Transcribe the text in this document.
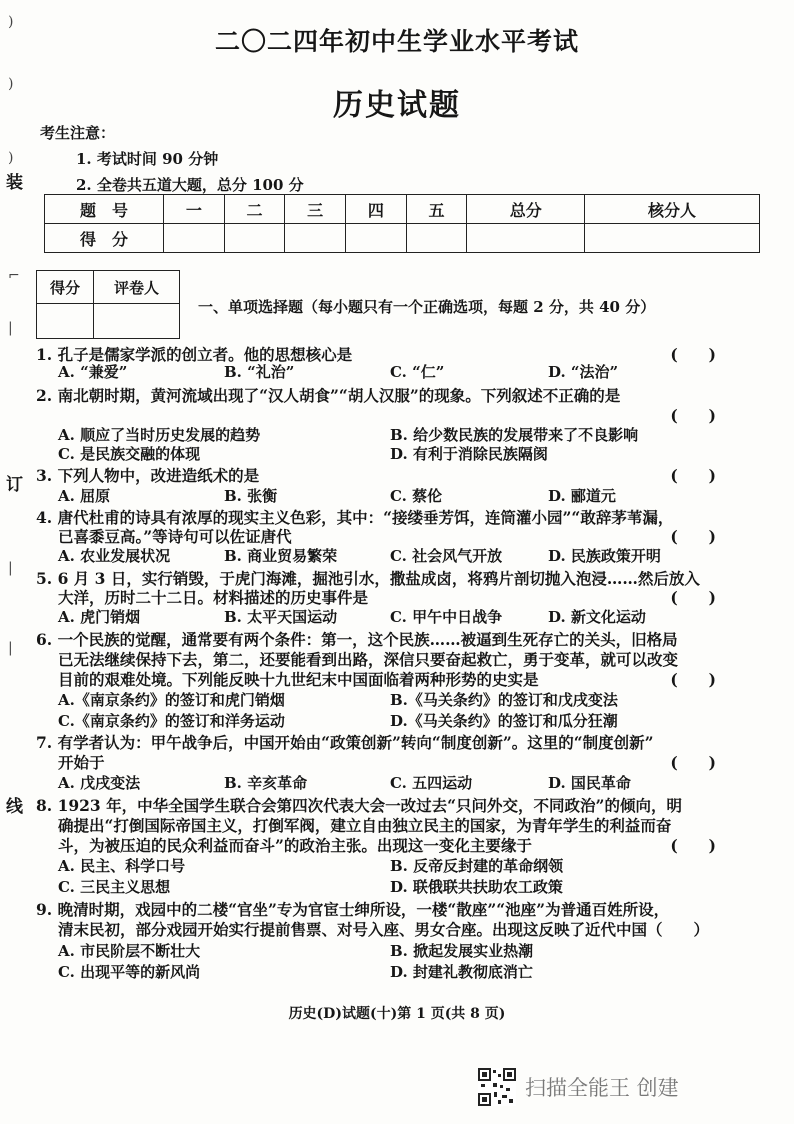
二〇二四年初中生学业水平考试
历史试题
)
)
)
装
⌐
|
订
|
|
线
考生注意：
1. 考试时间 90 分钟
2. 全卷共五道大题，总分 100 分
题　号	一	二	三	四	五	总分	核分人
得　分							
得分	评卷人

一、单项选择题（每小题只有一个正确选项，每题 2 分，共 40 分）
1. 孔子是儒家学派的创立者。他的思想核心是	(　　)
A. “兼爱”	B. “礼治”	C. “仁”	D. “法治”
2. 南北朝时期，黄河流域出现了“汉人胡食”“胡人汉服”的现象。下列叙述不正确的是
(　　)
A. 顺应了当时历史发展的趋势	B. 给少数民族的发展带来了不良影响
C. 是民族交融的体现	D. 有利于消除民族隔阂
3. 下列人物中，改进造纸术的是	(　　)
A. 屈原	B. 张衡	C. 蔡伦	D. 郦道元
4. 唐代杜甫的诗具有浓厚的现实主义色彩，其中：“接缕垂芳饵，连筒灌小园”“敢辞茅苇漏，
已喜黍豆高。”等诗句可以佐证唐代	(　　)
A. 农业发展状况	B. 商业贸易繁荣	C. 社会风气开放	D. 民族政策开明
5. 6 月 3 日，实行销毁，于虎门海滩，掘池引水，撒盐成卤，将鸦片剖切抛入泡浸……然后放入
大洋，历时二十二日。材料描述的历史事件是	(　　)
A. 虎门销烟	B. 太平天国运动	C. 甲午中日战争	D. 新文化运动
6. 一个民族的觉醒，通常要有两个条件：第一，这个民族……被逼到生死存亡的关头，旧格局
已无法继续保持下去，第二，还要能看到出路，深信只要奋起救亡，勇于变革，就可以改变
目前的艰难处境。下列能反映十九世纪末中国面临着两种形势的史实是	(　　)
A.《南京条约》的签订和虎门销烟	B.《马关条约》的签订和戊戌变法
C.《南京条约》的签订和洋务运动	D.《马关条约》的签订和瓜分狂潮
7. 有学者认为：甲午战争后，中国开始由“政策创新”转向“制度创新”。这里的“制度创新”
开始于	(　　)
A. 戊戌变法	B. 辛亥革命	C. 五四运动	D. 国民革命
8. 1923 年，中华全国学生联合会第四次代表大会一改过去“只问外交，不同政治”的倾向，明
确提出“打倒国际帝国主义，打倒军阀，建立自由独立民主的国家，为青年学生的利益而奋
斗，为被压迫的民众利益而奋斗”的政治主张。出现这一变化主要缘于	(　　)
A. 民主、科学口号	B. 反帝反封建的革命纲领
C. 三民主义思想	D. 联俄联共扶助农工政策
9. 晚清时期，戏园中的二楼“官坐”专为官宦士绅所设，一楼“散座”“池座”为普通百姓所设，
清末民初，部分戏园开始实行提前售票、对号入座、男女合座。出现这反映了近代中国（　　）
A. 市民阶层不断壮大	B. 掀起发展实业热潮
C. 出现平等的新风尚	D. 封建礼教彻底消亡
历史(D)试题(十)第 1 页(共 8 页)
扫描全能王 创建
